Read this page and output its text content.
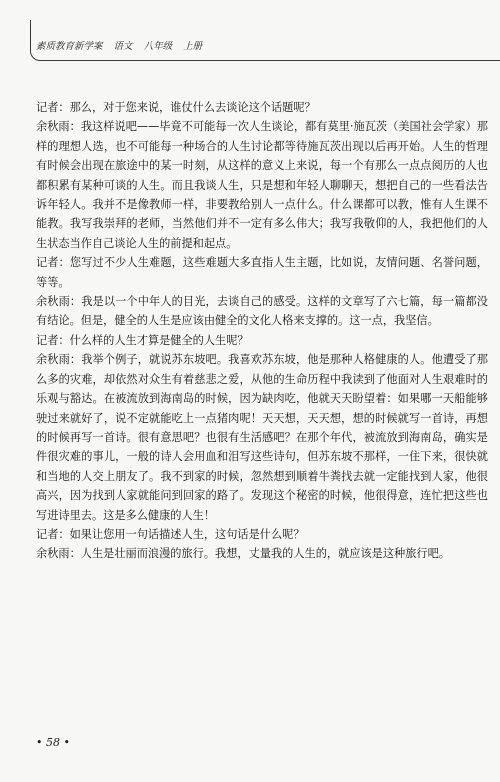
素质教育新学案 语文 八年级 上册

记者：那么，对于您来说，谁仗什么去谈论这个话题呢？

余秋雨：我这样说吧——毕竟不可能每一次人生谈论，都有莫里·施瓦茨（美国社会学家）那样的理想人选，也不可能每一种场合的人生讨论都等待施瓦茨出现以后再开始。人生的哲理有时候会出现在旅途中的某一时刻，从这样的意义上来说，每一个有那么一点点阅历的人也都积累有某种可谈的人生。而且我谈人生，只是想和年轻人聊聊天，想把自己的一些看法告诉年轻人。我并不是像教师一样，非要教给别人一点什么。什么课都可以教，惟有人生课不能教。我写我崇拜的老师，当然他们并不一定有多么伟大；我写我敬仰的人，我把他们的人生状态当作自己谈论人生的前提和起点。

记者：您写过不少人生难题，这些难题大多直指人生主题，比如说，友情问题、名誉问题，等等。

余秋雨：我是以一个中年人的目光，去谈自己的感受。这样的文章写了六七篇，每一篇都没有结论。但是，健全的人生是应该由健全的文化人格来支撑的。这一点，我坚信。

记者：什么样的人生才算是健全的人生呢？

余秋雨：我举个例子，就说苏东坡吧。我喜欢苏东坡，他是那种人格健康的人。他遭受了那么多的灾难，却依然对众生有着慈悲之爱，从他的生命历程中我读到了他面对人生艰难时的乐观与豁达。在被流放到海南岛的时候，因为缺肉吃，他就天天盼望着：如果哪一天船能够驶过来就好了，说不定就能吃上一点猪肉呢！天天想，天天想，想的时候就写一首诗，再想的时候再写一首诗。很有意思吧？也很有生活感吧？在那个年代，被流放到海南岛，确实是件很灾难的事儿，一般的诗人会用血和泪写这些诗句，但苏东坡不那样，一住下来，很快就和当地的人交上朋友了。我不到家的时候，忽然想到顺着牛粪找去就一定能找到人家，他很高兴，因为找到人家就能问到回家的路了。发现这个秘密的时候，他很得意，连忙把这些也写进诗里去。这是多么健康的人生！

记者：如果让您用一句话描述人生，这句话是什么呢？

余秋雨：人生是壮丽而浪漫的旅行。我想，丈量我的人生的，就应该是这种旅行吧。

• 58 •
